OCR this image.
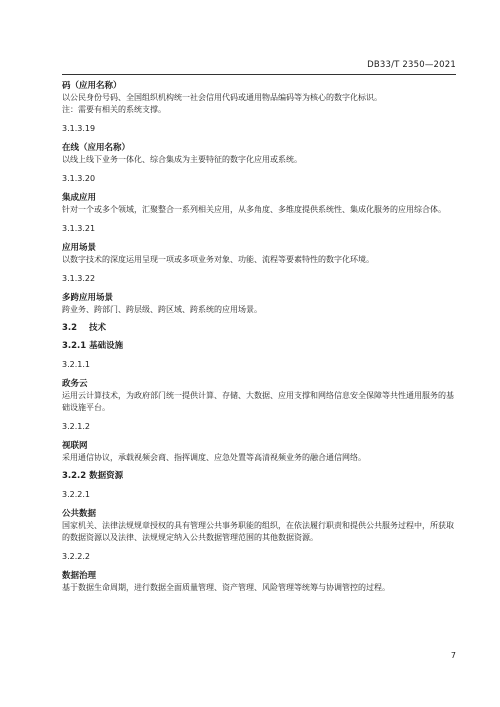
DB33/T 2350—2021

码（应用名称）

以公民身份号码、全国组织机构统一社会信用代码或通用物品编码等为核心的数字化标识。

注：需要有相关的系统支撑。

3.1.3.19

在线（应用名称）

以线上线下业务一体化、综合集成为主要特征的数字化应用或系统。

3.1.3.20

集成应用

针对一个或多个领域，汇聚整合一系列相关应用，从多角度、多维度提供系统性、集成化服务的应用综合体。

3.1.3.21

应用场景

以数字技术的深度运用呈现一项或多项业务对象、功能、流程等要素特性的数字化环境。

3.1.3.22

多跨应用场景

跨业务、跨部门、跨层级、跨区域、跨系统的应用场景。

3.2 技术

3.2.1 基础设施

3.2.1.1

政务云

运用云计算技术，为政府部门统一提供计算、存储、大数据、应用支撑和网络信息安全保障等共性通用服务的基础设施平台。

3.2.1.2

视联网

采用通信协议，承载视频会商、指挥调度、应急处置等高清视频业务的融合通信网络。

3.2.2 数据资源

3.2.2.1

公共数据

国家机关、法律法规规章授权的具有管理公共事务职能的组织，在依法履行职责和提供公共服务过程中，所获取的数据资源以及法律、法规规定纳入公共数据管理范围的其他数据资源。

3.2.2.2

数据治理

基于数据生命周期，进行数据全面质量管理、资产管理、风险管理等统筹与协调管控的过程。

7
